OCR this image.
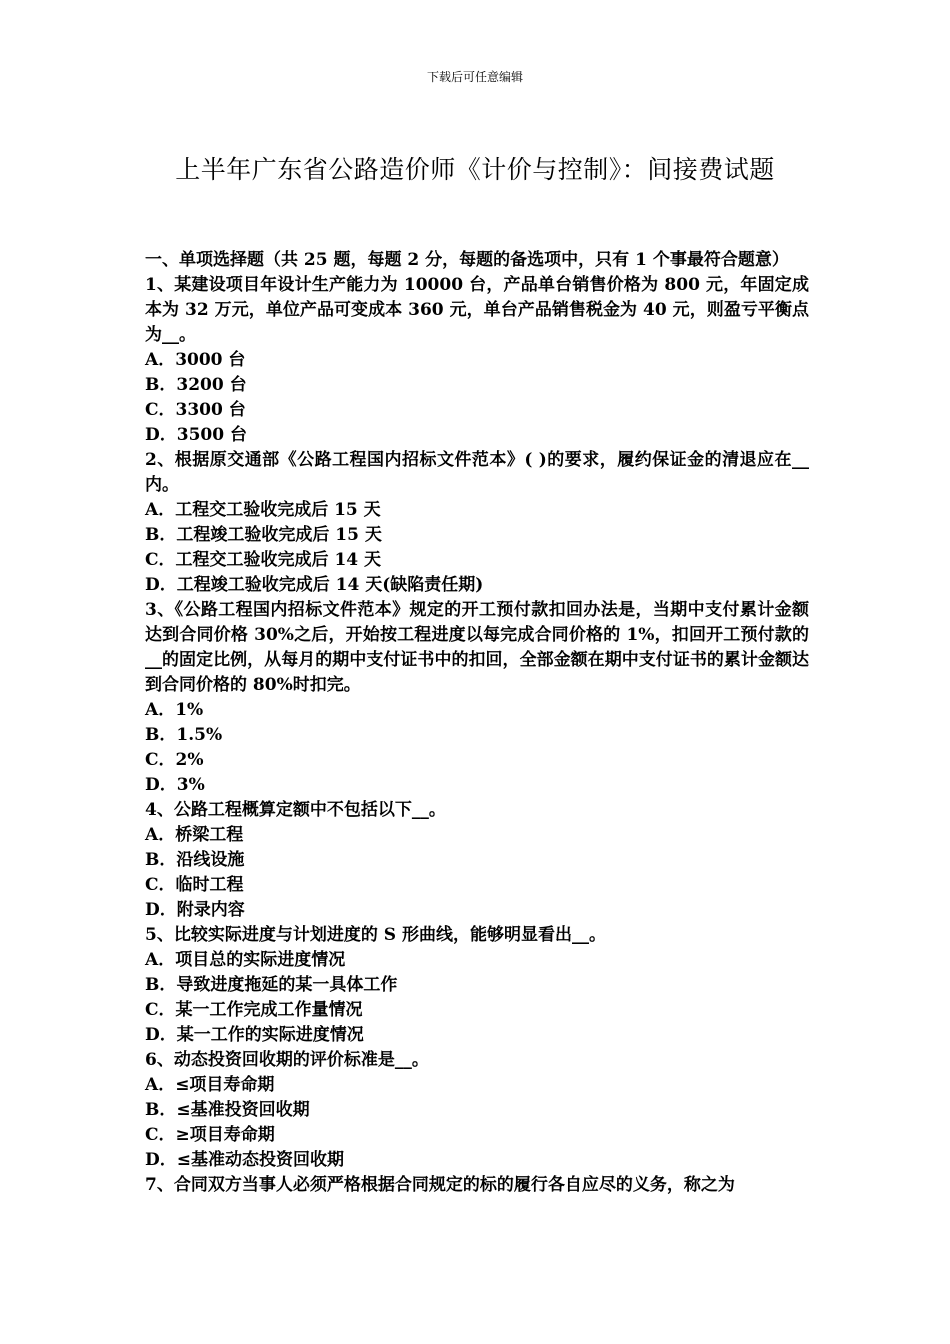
下载后可任意编辑
上半年广东省公路造价师《计价与控制》：间接费试题

一、单项选择题（共 25 题，每题 2 分，每题的备选项中，只有 1 个事最符合题意）

1、某建设项目年设计生产能力为 10000 台，产品单台销售价格为 800 元，年固定成本为 32 万元，单位产品可变成本 360 元，单台产品销售税金为 40 元，则盈亏平衡点为__。

A．3000 台

B．3200 台

C．3300 台

D．3500 台

2、根据原交通部《公路工程国内招标文件范本》( )的要求，履约保证金的清退应在__内。

A．工程交工验收完成后 15 天

B．工程竣工验收完成后 15 天

C．工程交工验收完成后 14 天

D．工程竣工验收完成后 14 天(缺陷责任期)

3、《公路工程国内招标文件范本》规定的开工预付款扣回办法是，当期中支付累计金额达到合同价格 30%之后，开始按工程进度以每完成合同价格的 1%，扣回开工预付款的__的固定比例，从每月的期中支付证书中的扣回，全部金额在期中支付证书的累计金额达到合同价格的 80%时扣完。

A．1%

B．1.5%

C．2%

D．3%

4、公路工程概算定额中不包括以下__。

A．桥梁工程

B．沿线设施

C．临时工程

D．附录内容

5、比较实际进度与计划进度的 S 形曲线，能够明显看出__。

A．项目总的实际进度情况

B．导致进度拖延的某一具体工作

C．某一工作完成工作量情况

D．某一工作的实际进度情况

6、动态投资回收期的评价标准是__。

A．≤项目寿命期

B．≤基准投资回收期

C．≥项目寿命期

D．≤基准动态投资回收期

7、合同双方当事人必须严格根据合同规定的标的履行各自应尽的义务，称之为
